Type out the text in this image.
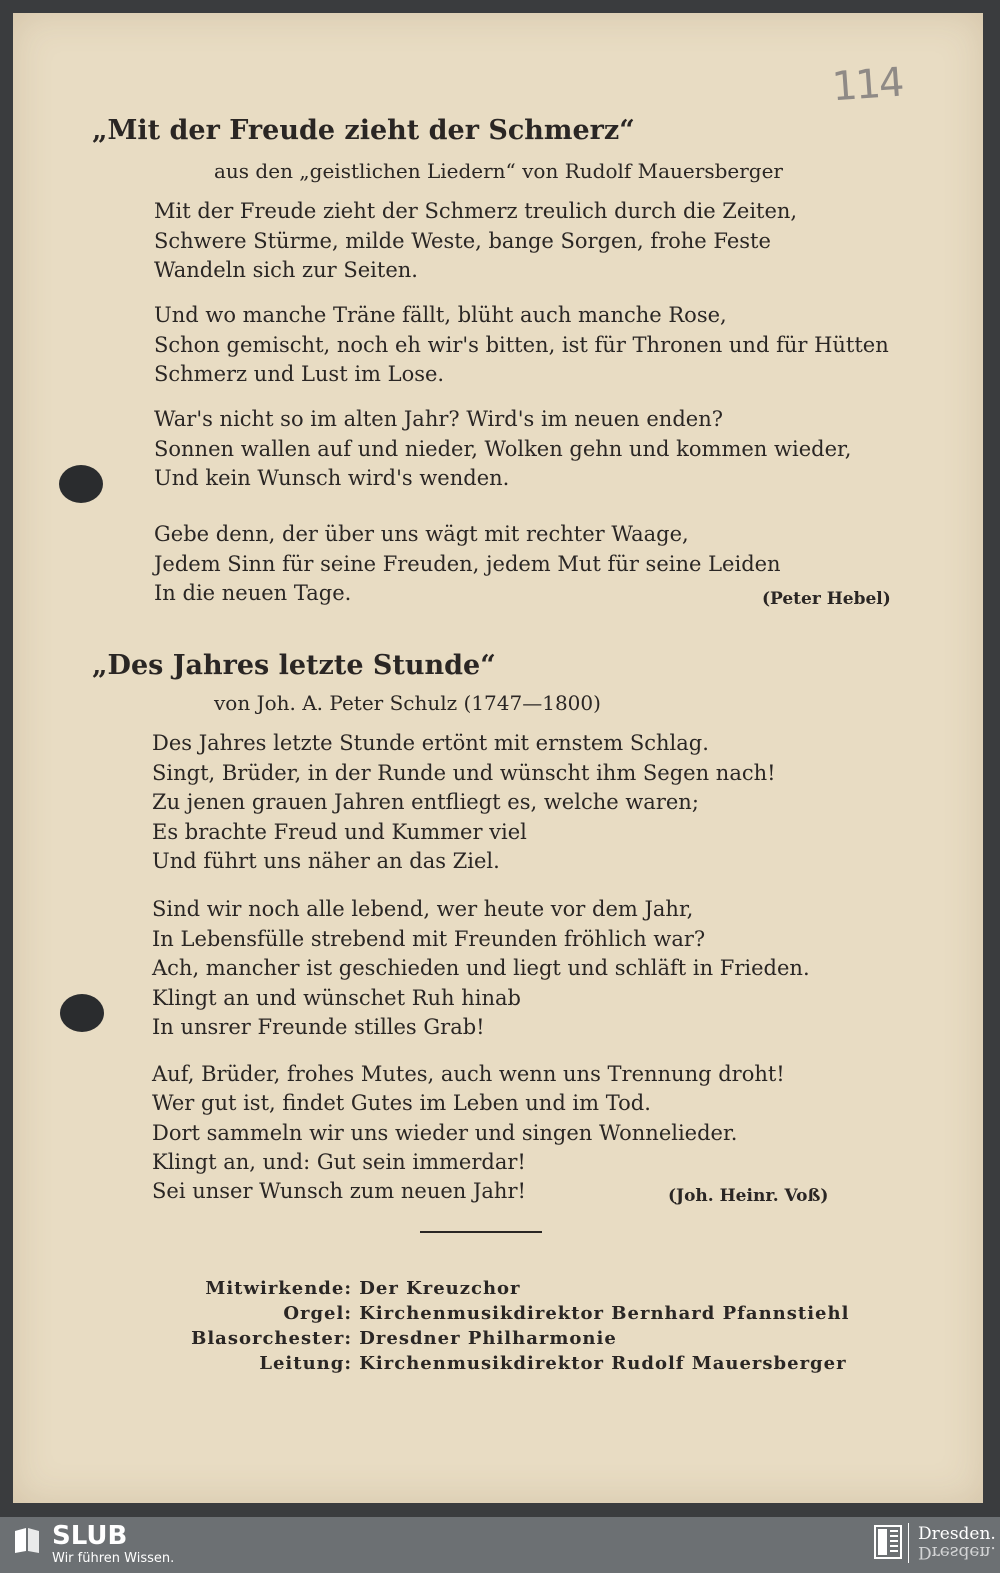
114
„Mit der Freude zieht der Schmerz“
aus den „geistlichen Liedern“ von Rudolf Mauersberger
Mit der Freude zieht der Schmerz treulich durch die Zeiten,
Schwere Stürme, milde Weste, bange Sorgen, frohe Feste
Wandeln sich zur Seiten.
Und wo manche Träne fällt, blüht auch manche Rose,
Schon gemischt, noch eh wir's bitten, ist für Thronen und für Hütten
Schmerz und Lust im Lose.
War's nicht so im alten Jahr? Wird's im neuen enden?
Sonnen wallen auf und nieder, Wolken gehn und kommen wieder,
Und kein Wunsch wird's wenden.
Gebe denn, der über uns wägt mit rechter Waage,
Jedem Sinn für seine Freuden, jedem Mut für seine Leiden
In die neuen Tage.	(Peter Hebel)
„Des Jahres letzte Stunde“
von Joh. A. Peter Schulz (1747—1800)
Des Jahres letzte Stunde ertönt mit ernstem Schlag.
Singt, Brüder, in der Runde und wünscht ihm Segen nach!
Zu jenen grauen Jahren entfliegt es, welche waren;
Es brachte Freud und Kummer viel
Und führt uns näher an das Ziel.
Sind wir noch alle lebend, wer heute vor dem Jahr,
In Lebensfülle strebend mit Freunden fröhlich war?
Ach, mancher ist geschieden und liegt und schläft in Frieden.
Klingt an und wünschet Ruh hinab
In unsrer Freunde stilles Grab!
Auf, Brüder, frohes Mutes, auch wenn uns Trennung droht!
Wer gut ist, findet Gutes im Leben und im Tod.
Dort sammeln wir uns wieder und singen Wonnelieder.
Klingt an, und: Gut sein immerdar!
Sei unser Wunsch zum neuen Jahr!	(Joh. Heinr. Voß)
Mitwirkende: Der Kreuzchor
Orgel: Kirchenmusikdirektor Bernhard Pfannstiehl
Blasorchester: Dresdner Philharmonie
Leitung: Kirchenmusikdirektor Rudolf Mauersberger
SLUB
Wir führen Wissen.
Dresden.
Dresden.
